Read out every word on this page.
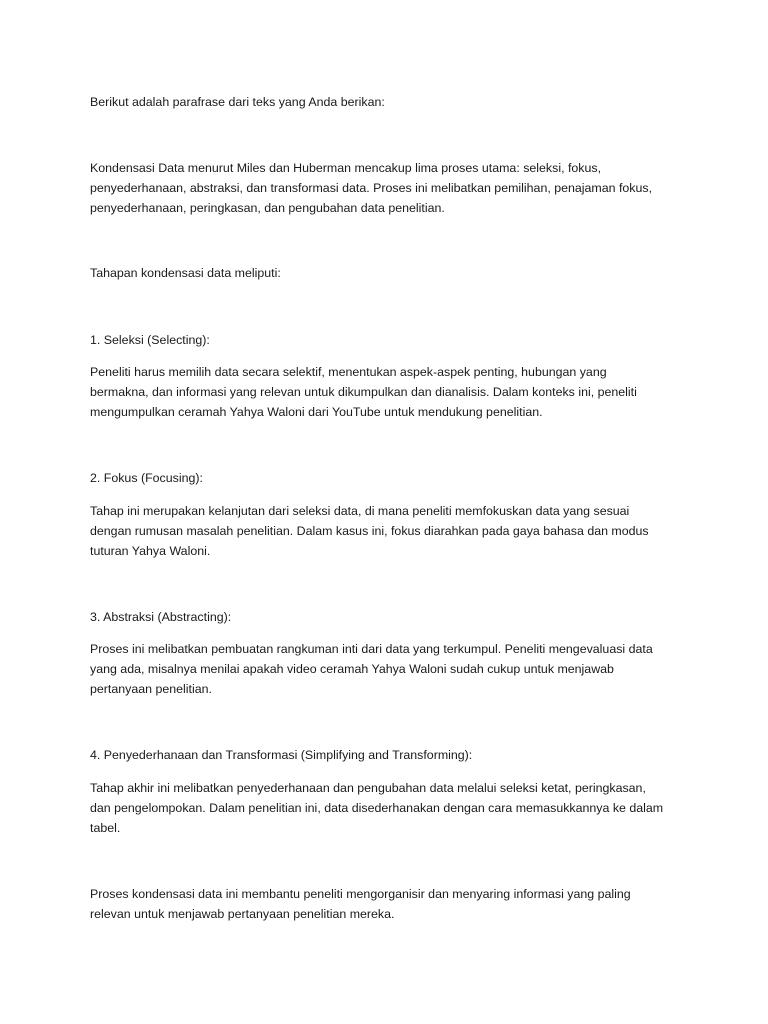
Berikut adalah parafrase dari teks yang Anda berikan:

Kondensasi Data menurut Miles dan Huberman mencakup lima proses utama: seleksi, fokus,

penyederhanaan, abstraksi, dan transformasi data. Proses ini melibatkan pemilihan, penajaman fokus,

penyederhanaan, peringkasan, dan pengubahan data penelitian.

Tahapan kondensasi data meliputi:

1. Seleksi (Selecting):

Peneliti harus memilih data secara selektif, menentukan aspek-aspek penting, hubungan yang

bermakna, dan informasi yang relevan untuk dikumpulkan dan dianalisis. Dalam konteks ini, peneliti

mengumpulkan ceramah Yahya Waloni dari YouTube untuk mendukung penelitian.

2. Fokus (Focusing):

Tahap ini merupakan kelanjutan dari seleksi data, di mana peneliti memfokuskan data yang sesuai

dengan rumusan masalah penelitian. Dalam kasus ini, fokus diarahkan pada gaya bahasa dan modus

tuturan Yahya Waloni.

3. Abstraksi (Abstracting):

Proses ini melibatkan pembuatan rangkuman inti dari data yang terkumpul. Peneliti mengevaluasi data

yang ada, misalnya menilai apakah video ceramah Yahya Waloni sudah cukup untuk menjawab

pertanyaan penelitian.

4. Penyederhanaan dan Transformasi (Simplifying and Transforming):

Tahap akhir ini melibatkan penyederhanaan dan pengubahan data melalui seleksi ketat, peringkasan,

dan pengelompokan. Dalam penelitian ini, data disederhanakan dengan cara memasukkannya ke dalam

tabel.

Proses kondensasi data ini membantu peneliti mengorganisir dan menyaring informasi yang paling

relevan untuk menjawab pertanyaan penelitian mereka.
